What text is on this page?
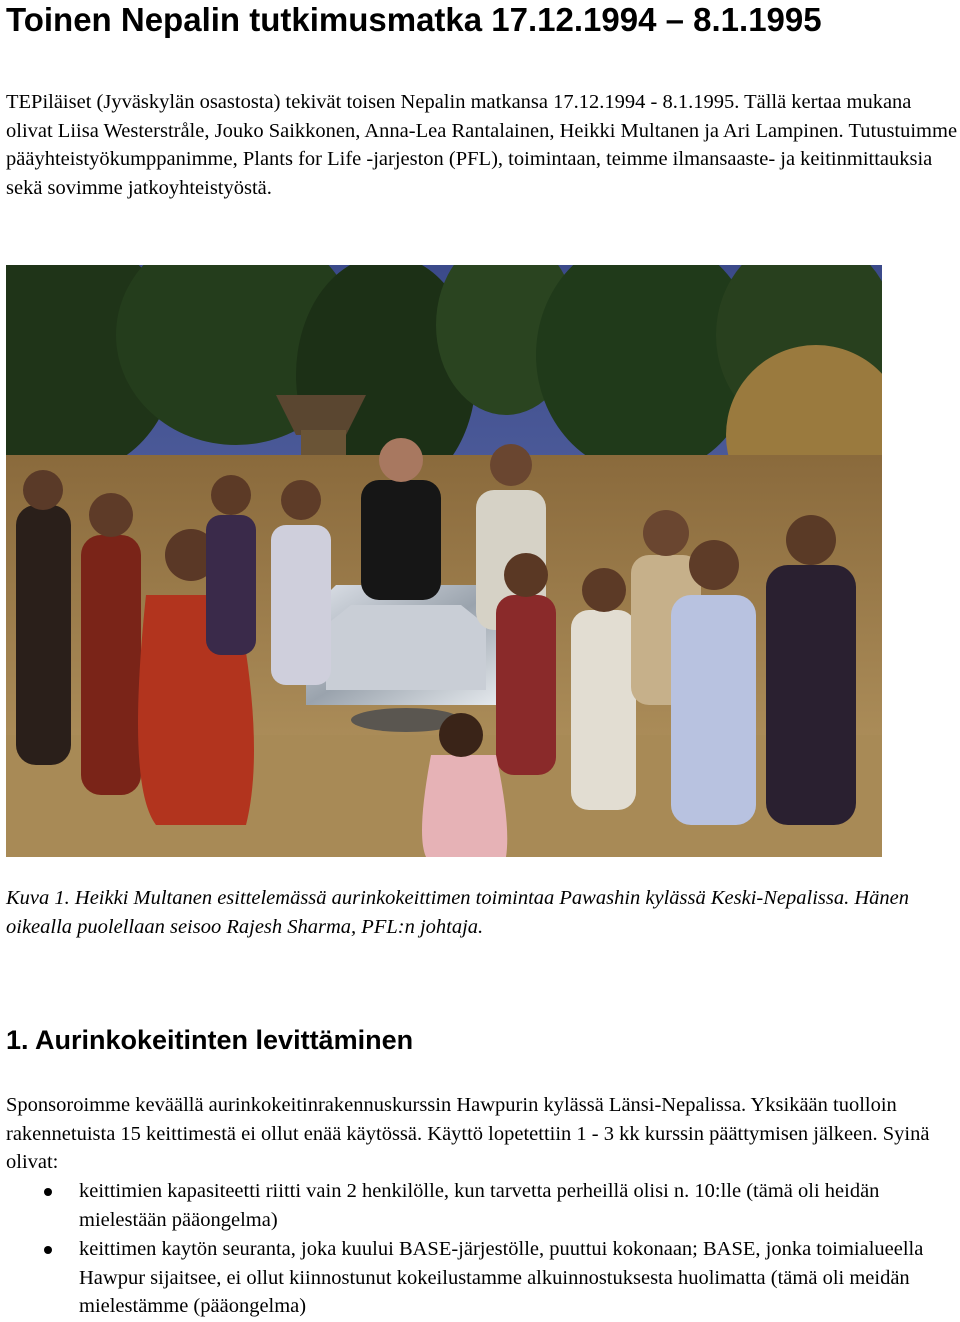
Toinen Nepalin tutkimusmatka 17.12.1994 – 8.1.1995

TEPiläiset (Jyväskylän osastosta) tekivät toisen Nepalin matkansa 17.12.1994 - 8.1.1995. Tällä kertaa mukana olivat Liisa Westerstråle, Jouko Saikkonen, Anna-Lea Rantalainen, Heikki Multanen ja Ari Lampinen. Tutustuimme pääyhteistyökumppanimme, Plants for Life -jarjeston (PFL), toimintaan, teimme ilmansaaste- ja keitinmittauksia sekä sovimme jatkoyhteistyöstä.

Kuva 1. Heikki Multanen esittelemässä aurinkokeittimen toimintaa Pawashin kylässä Keski-Nepalissa. Hänen oikealla puolellaan seisoo Rajesh Sharma, PFL:n johtaja.

1. Aurinkokeitinten levittäminen

Sponsoroimme keväällä aurinkokeitinrakennuskurssin Hawpurin kylässä Länsi-Nepalissa. Yksikään tuolloin rakennetuista 15 keittimestä ei ollut enää käytössä. Käyttö lopetettiin 1 - 3 kk kurssin päättymisen jälkeen. Syinä olivat:

keittimien kapasiteetti riitti vain 2 henkilölle, kun tarvetta perheillä olisi n. 10:lle (tämä oli heidän mielestään pääongelma)
keittimen kaytön seuranta, joka kuului BASE-järjestölle, puuttui kokonaan; BASE, jonka toimialueella Hawpur sijaitsee, ei ollut kiinnostunut kokeilustamme alkuinnostuksesta huolimatta (tämä oli meidän mielestämme (pääongelma)
